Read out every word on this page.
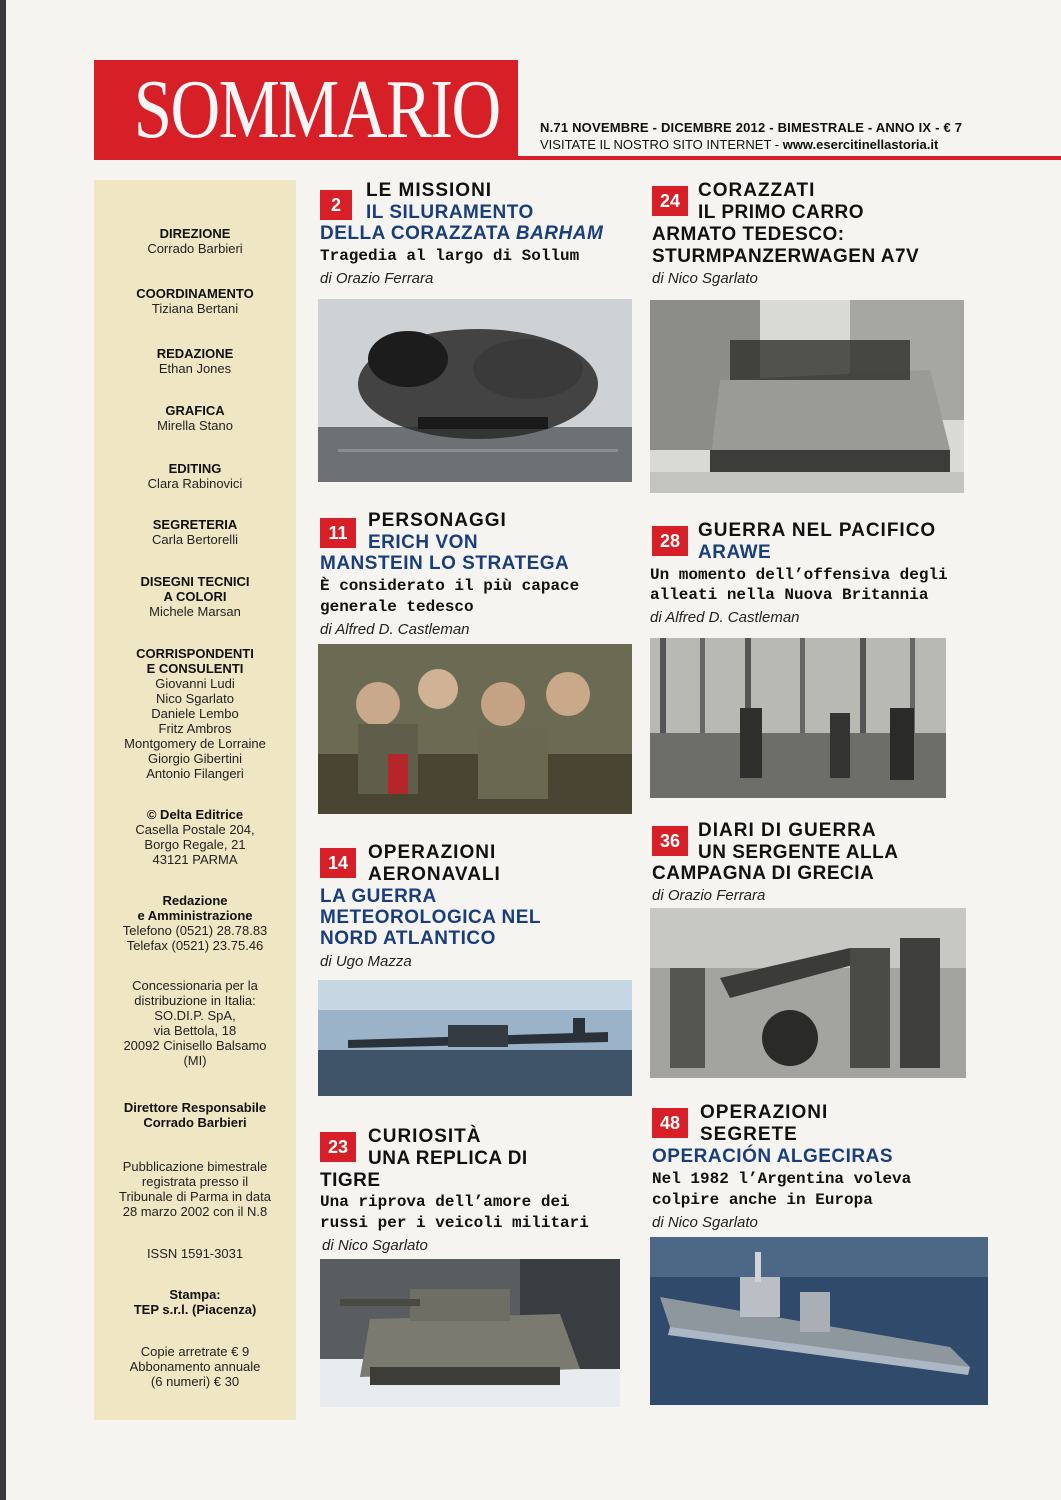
SOMMARIO	N.71 NOVEMBRE - DICEMBRE 2012 - BIMESTRALE - ANNO IX - € 7
VISITATE IL NOSTRO SITO INTERNET - www.esercitinellastoria.it
DIREZIONE
Corrado Barbieri
COORDINAMENTO
Tiziana Bertani
REDAZIONE
Ethan Jones
GRAFICA
Mirella Stano
EDITING
Clara Rabinovici
SEGRETERIA
Carla Bertorelli
DISEGNI TECNICI
A COLORI
Michele Marsan
CORRISPONDENTI
E CONSULENTI
Giovanni Ludi
Nico Sgarlato
Daniele Lembo
Fritz Ambros
Montgomery de Lorraine
Giorgio Gibertini
Antonio Filangeri
© Delta Editrice
Casella Postale 204,
Borgo Regale, 21
43121 PARMA
Redazione
e Amministrazione
Telefono (0521) 28.78.83
Telefax (0521) 23.75.46
Concessionaria per la
distribuzione in Italia:
SO.DI.P. SpA,
via Bettola, 18
20092 Cinisello Balsamo
(MI)
Direttore Responsabile
Corrado Barbieri
Pubblicazione bimestrale
registrata presso il
Tribunale di Parma in data
28 marzo 2002 con il N.8
ISSN 1591-3031
Stampa:
TEP s.r.l. (Piacenza)
Copie arretrate € 9
Abbonamento annuale
(6 numeri) € 30
2
LE MISSIONI
IL SILURAMENTO
DELLA CORAZZATA BARHAM
Tragedia al largo di Sollum
di Orazio Ferrara
24 CORAZZATI
IL PRIMO CARRO
ARMATO TEDESCO:
STURMPANZERWAGEN A7V
di Nico Sgarlato
11
PERSONAGGI
ERICH VON
MANSTEIN LO STRATEGA
È considerato il più capace
generale tedesco
di Alfred D. Castleman
28 GUERRA NEL PACIFICO
ARAWE
Un momento dell’offensiva degli
alleati nella Nuova Britannia
di Alfred D. Castleman
14	OPERAZIONI
AERONAVALI
LA GUERRA
METEOROLOGICA NEL
NORD ATLANTICO
di Ugo Mazza
36 DIARI DI GUERRA
UN SERGENTE ALLA
CAMPAGNA DI GRECIA
di Orazio Ferrara
23	CURIOSITÀ
UNA REPLICA DI
TIGRE
Una riprova dell’amore dei
russi per i veicoli militari
di Nico Sgarlato
48	OPERAZIONI
SEGRETE
OPERACIÓN ALGECIRAS
Nel 1982 l’Argentina voleva
colpire anche in Europa
di Nico Sgarlato
